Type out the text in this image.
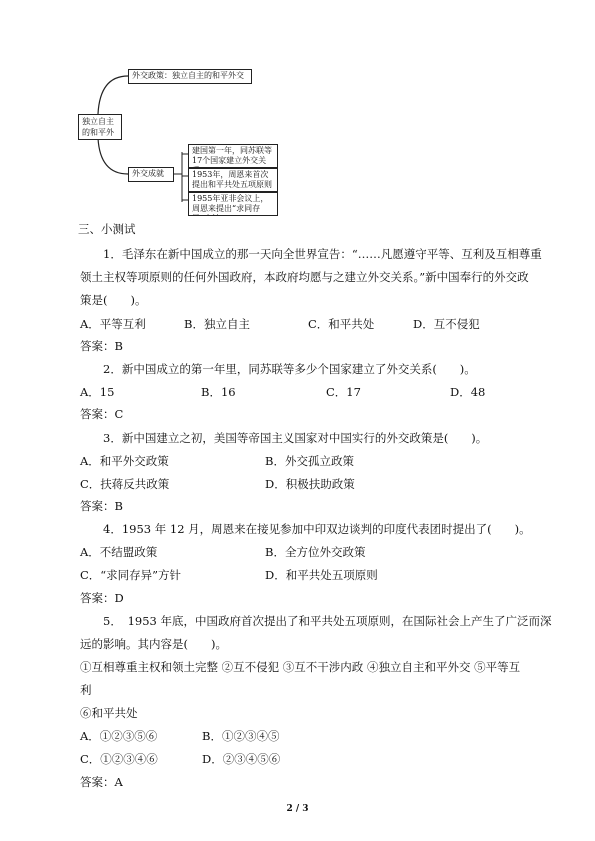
独立自主的和平外
外交政策：独立自主的和平外交
外交成就
建国第一年，同苏联等17个国家建立外交关
1953年，周恩来首次提出和平共处五项原则
1955年亚非会议上，周恩来提出“求同存
三、小测试
1．毛泽东在新中国成立的那一天向全世界宣告：“……凡愿遵守平等、互利及互相尊重
领土主权等项原则的任何外国政府，本政府均愿与之建立外交关系。”新中国奉行的外交政
策是(　　)。
A．平等互利	B．独立自主	C．和平共处	D．互不侵犯
答案：B
2．新中国成立的第一年里，同苏联等多少个国家建立了外交关系(　　)。
A．15	B．16	C．17	D．48
答案：C
3．新中国建立之初，美国等帝国主义国家对中国实行的外交政策是(　　)。
A．和平外交政策	B．外交孤立政策
C．扶蒋反共政策	D．积极扶助政策
答案：B
4．1953 年 12 月，周恩来在接见参加中印双边谈判的印度代表团时提出了(　　)。
A．不结盟政策	B．全方位外交政策
C．“求同存异”方针	D．和平共处五项原则
答案：D
5．　1953 年底，中国政府首次提出了和平共处五项原则，在国际社会上产生了广泛而深
远的影响。其内容是(　　)。
①互相尊重主权和领土完整 ②互不侵犯 ③互不干涉内政 ④独立自主和平外交 ⑤平等互
利
⑥和平共处
A．①②③⑤⑥	B．①②③④⑤
C．①②③④⑥	D．②③④⑤⑥
答案：A
2 / 3
